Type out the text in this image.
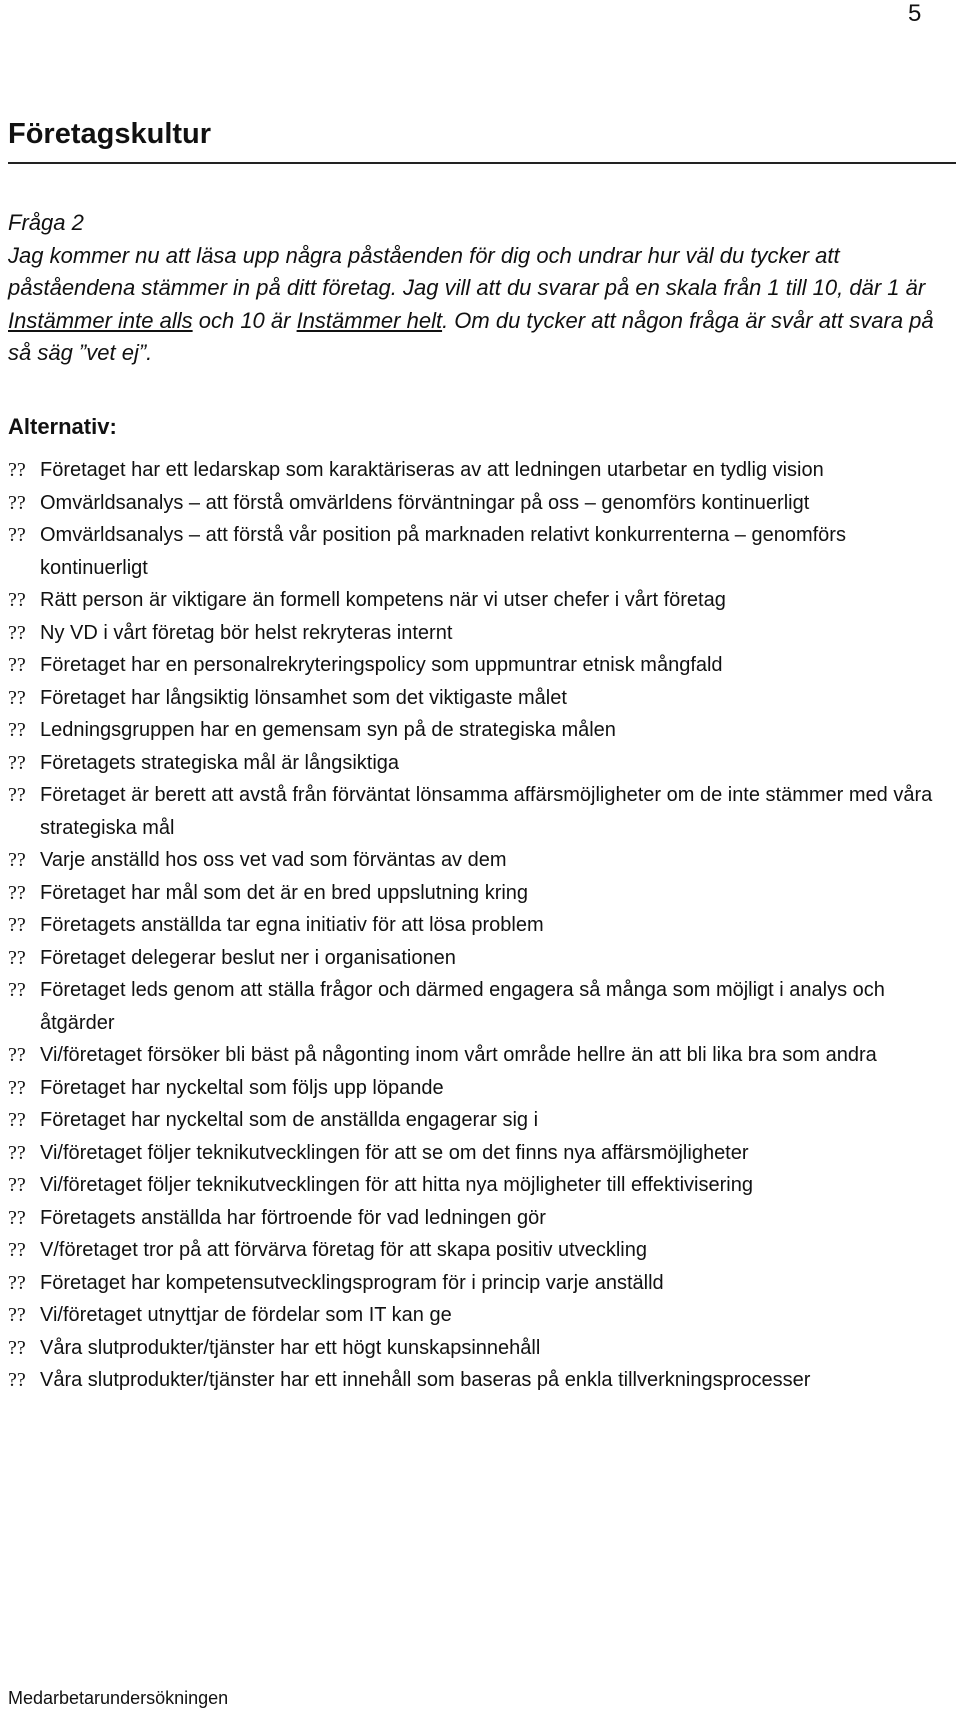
5
Företagskultur

Fråga 2

Jag kommer nu att läsa upp några påståenden för dig och undrar hur väl du tycker att påståendena stämmer in på ditt företag. Jag vill att du svarar på en skala från 1 till 10, där 1 är Instämmer inte alls och 10 är Instämmer helt. Om du tycker att någon fråga är svår att svara på så säg ”vet ej”.

Alternativ:
?? Företaget har ett ledarskap som karaktäriseras av att ledningen utarbetar en tydlig vision
?? Omvärldsanalys – att förstå omvärldens förväntningar på oss – genomförs kontinuerligt
?? Omvärldsanalys – att förstå vår position på marknaden relativt konkurrenterna – genomförs kontinuerligt
?? Rätt person är viktigare än formell kompetens när vi utser chefer i vårt företag
?? Ny VD i vårt företag bör helst rekryteras internt
?? Företaget har en personalrekryteringspolicy som uppmuntrar etnisk mångfald
?? Företaget har långsiktig lönsamhet som det viktigaste målet
?? Ledningsgruppen har en gemensam syn på de strategiska målen
?? Företagets strategiska mål är långsiktiga
?? Företaget är berett att avstå från förväntat lönsamma affärsmöjligheter om de inte stämmer med våra strategiska mål
?? Varje anställd hos oss vet vad som förväntas av dem
?? Företaget har mål som det är en bred uppslutning kring
?? Företagets anställda tar egna initiativ för att lösa problem
?? Företaget delegerar beslut ner i organisationen
?? Företaget leds genom att ställa frågor och därmed engagera så många som möjligt i analys och åtgärder
?? Vi/företaget försöker bli bäst på någonting inom vårt område hellre än att bli lika bra som andra
?? Företaget har nyckeltal som följs upp löpande
?? Företaget har nyckeltal som de anställda engagerar sig i
?? Vi/företaget följer teknikutvecklingen för att se om det finns nya affärsmöjligheter
?? Vi/företaget följer teknikutvecklingen för att hitta nya möjligheter till effektivisering
?? Företagets anställda har förtroende för vad ledningen gör
?? V/företaget tror på att förvärva företag för att skapa positiv utveckling
?? Företaget har kompetensutvecklingsprogram för i princip varje anställd
?? Vi/företaget utnyttjar de fördelar som IT kan ge
?? Våra slutprodukter/tjänster har ett högt kunskapsinnehåll
?? Våra slutprodukter/tjänster har ett innehåll som baseras på enkla tillverkningsprocesser
Medarbetarundersökningen
